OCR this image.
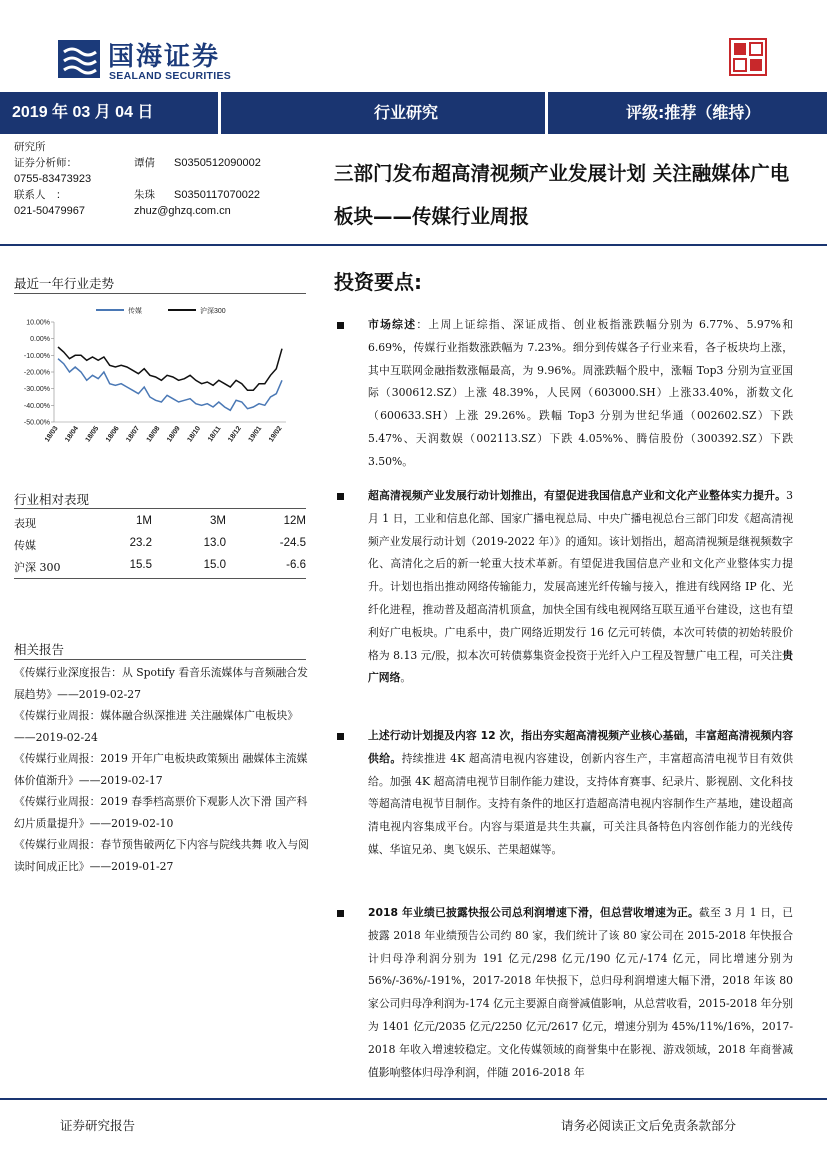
国海证券
SEALAND SECURITIES
2019 年 03 月 04 日	行业研究	评级:推荐（维持）
研究所
证券分析师：	谭倩 S0350512090002
0755-83473923
联系人　：	朱珠 S0350117070022
021-50479967	zhuz@ghzq.com.cn
最近一年行业走势
传媒	沪深300
10.00%
0.00%
-10.00%
-20.00%
-30.00%
-40.00%
-50.00%
18/03 18/04 18/05 18/06 18/07 18/08 18/09 18/10 18/11 18/12 19/01 19/02
行业相对表现
表现	1M	3M	12M
传媒	23.2	13.0	-24.5
沪深 300	15.5	15.0	-6.6
相关报告
《传媒行业深度报告：从 Spotify 看音乐流媒体与音频融合发展趋势》——2019-02-27
《传媒行业周报：媒体融合纵深推进 关注融媒体广电板块》——2019-02-24
《传媒行业周报：2019 开年广电板块政策频出 融媒体主流媒体价值渐升》——2019-02-17
《传媒行业周报：2019 春季档高票价下观影人次下滑 国产科幻片质量提升》——2019-02-10
《传媒行业周报：春节预售破两亿下内容与院线共舞 收入与阅读时间成正比》——2019-01-27
三部门发布超高清视频产业发展计划 关注融媒体广电板块——传媒行业周报
投资要点:
市场综述：上周上证综指、深证成指、创业板指涨跌幅分别为 6.77%、5.97%和 6.69%，传媒行业指数涨跌幅为 7.23%。细分到传媒各子行业来看，各子板块均上涨，其中互联网金融指数涨幅最高，为 9.96%。周涨跌幅个股中，涨幅 Top3 分别为宣亚国际（300612.SZ）上涨 48.39%，人民网（603000.SH）上涨33.40%，浙数文化（600633.SH）上涨 29.26%。跌幅 Top3 分别为世纪华通（002602.SZ）下跌 5.47%、天润数娱（002113.SZ）下跌 4.05%%、腾信股份（300392.SZ）下跌 3.50%。
超高清视频产业发展行动计划推出，有望促进我国信息产业和文化产业整体实力提升。3 月 1 日，工业和信息化部、国家广播电视总局、中央广播电视总台三部门印发《超高清视频产业发展行动计划（2019-2022 年）》的通知。该计划指出，超高清视频是继视频数字化、高清化之后的新一轮重大技术革新。有望促进我国信息产业和文化产业整体实力提升。计划也指出推动网络传输能力，发展高速光纤传输与接入，推进有线网络 IP 化、光纤化进程，推动普及超高清机顶盒，加快全国有线电视网络互联互通平台建设，这也有望利好广电板块。广电系中，贵广网络近期发行 16 亿元可转债，本次可转债的初始转股价格为 8.13 元/股，拟本次可转债募集资金投资于光纤入户工程及智慧广电工程，可关注贵广网络。
上述行动计划提及内容 12 次，指出夯实超高清视频产业核心基础，丰富超高清视频内容供给。持续推进 4K 超高清电视内容建设，创新内容生产，丰富超高清电视节目有效供给。加强 4K 超高清电视节目制作能力建设，支持体育赛事、纪录片、影视剧、文化科技等超高清电视节目制作。支持有条件的地区打造超高清电视内容制作生产基地，建设超高清电视内容集成平台。内容与渠道是共生共赢，可关注具备特色内容创作能力的光线传媒、华谊兄弟、奥飞娱乐、芒果超媒等。
2018 年业绩已披露快报公司总利润增速下滑，但总营收增速为正。截至 3 月 1 日，已披露 2018 年业绩预告公司约 80 家，我们统计了该 80 家公司在 2015-2018 年快报合计归母净利润分别为 191 亿元/298 亿元/190 亿元/-174 亿元，同比增速分别为 56%/-36%/-191%，2017-2018 年快报下，总归母利润增速大幅下滑，2018 年该 80 家公司归母净利润为-174 亿元主要源自商誉减值影响，从总营收看，2015-2018 年分别为 1401 亿元/2035 亿元/2250 亿元/2617 亿元，增速分别为 45%/11%/16%，2017-2018 年收入增速较稳定。文化传媒领域的商誉集中在影视、游戏领域，2018 年商誉减值影响整体归母净利润，伴随 2016-2018 年
证券研究报告	请务必阅读正文后免责条款部分
